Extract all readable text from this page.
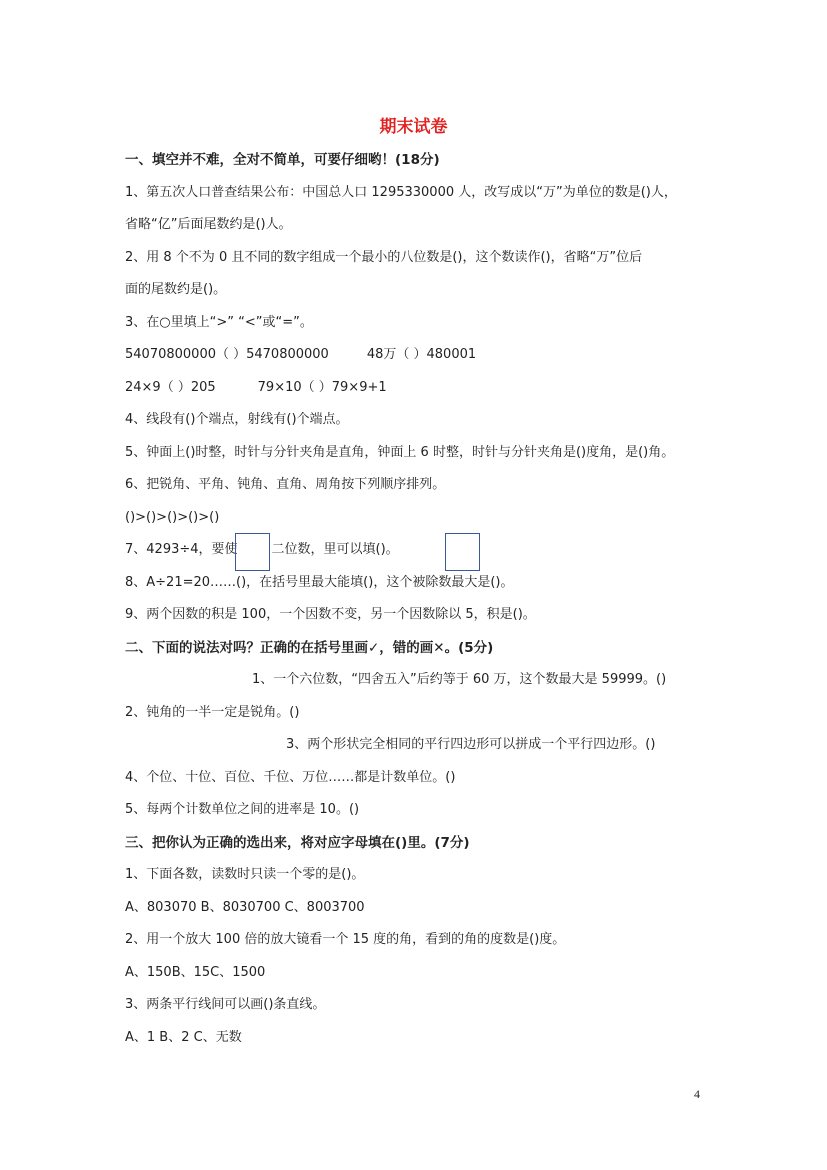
期末试卷
一、填空并不难，全对不简单，可要仔细哟！(18分)
1、第五次人口普查结果公布：中国总人口 1295330000 人，改写成以“万”为单位的数是()人，
省略“亿”后面尾数约是()人。
2、用 8 个不为 0 且不同的数字组成一个最小的八位数是()，这个数读作()，省略“万”位后
面的尾数约是()。
3、在○里填上“>” “<”或“=”。
54070800000（ ）5470800000	48万（ ）480001
24×9（ ）205	79×10（ ）79×9+1
4、线段有()个端点，射线有()个端点。
5、钟面上()时整，时针与分针夹角是直角，钟面上 6 时整，时针与分针夹角是()度角，是()角。
6、把锐角、平角、钝角、直角、周角按下列顺序排列。
()>()>()>()>()
7、4293÷4，要使	二位数，里可以填()。
8、A÷21=20……()，在括号里最大能填()，这个被除数最大是()。
9、两个因数的积是 100，一个因数不变，另一个因数除以 5，积是()。
二、下面的说法对吗？正确的在括号里画✓，错的画✕。(5分)
1、一个六位数，“四舍五入”后约等于 60 万，这个数最大是 59999。()
2、钝角的一半一定是锐角。()
3、两个形状完全相同的平行四边形可以拼成一个平行四边形。()
4、个位、十位、百位、千位、万位……都是计数单位。()
5、每两个计数单位之间的进率是 10。()
三、把你认为正确的选出来，将对应字母填在()里。(7分)
1、下面各数，读数时只读一个零的是()。
A、803070 B、8030700 C、8003700
2、用一个放大 100 倍的放大镜看一个 15 度的角，看到的角的度数是()度。
A、150B、15C、1500
3、两条平行线间可以画()条直线。
A、1 B、2 C、无数
4
